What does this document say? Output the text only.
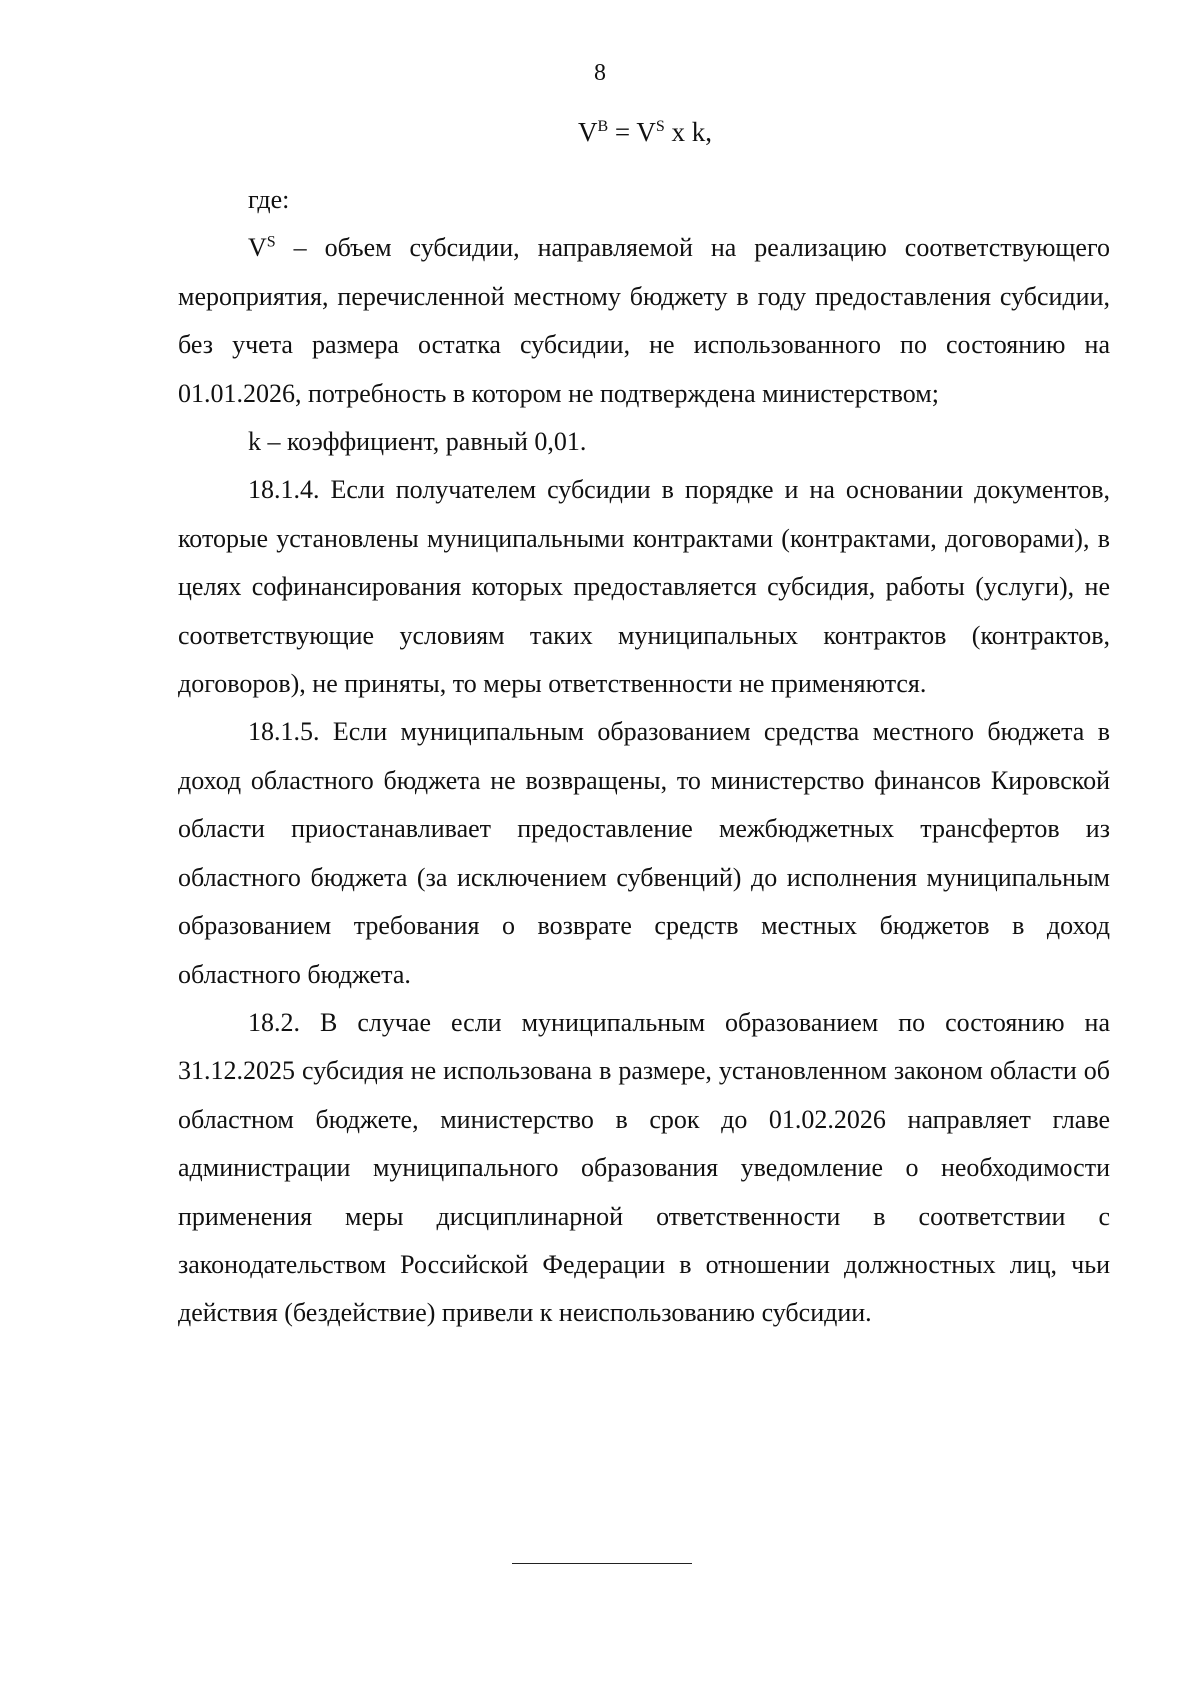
8
$V^B = V^S$ x k,

где:

$V^S$ – объем субсидии, направляемой на реализацию соответствующего мероприятия, перечисленной местному бюджету в году предоставления субсидии, без учета размера остатка субсидии, не использованного по состоянию на 01.01.2026, потребность в котором не подтверждена министерством;

k – коэффициент, равный 0,01.

18.1.4. Если получателем субсидии в порядке и на основании документов, которые установлены муниципальными контрактами (контрактами, договорами), в целях софинансирования которых предоставляется субсидия, работы (услуги), не соответствующие условиям таких муниципальных контрактов (контрактов, договоров), не приняты, то меры ответственности не применяются.

18.1.5. Если муниципальным образованием средства местного бюджета в доход областного бюджета не возвращены, то министерство финансов Кировской области приостанавливает предоставление межбюджетных трансфертов из областного бюджета (за исключением субвенций) до исполнения муниципальным образованием требования о возврате средств местных бюджетов в доход областного бюджета.

18.2. В случае если муниципальным образованием по состоянию на 31.12.2025 субсидия не использована в размере, установленном законом области об областном бюджете, министерство в срок до 01.02.2026 направляет главе администрации муниципального образования уведомление о необходимости применения меры дисциплинарной ответственности в соответствии с законодательством Российской Федерации в отношении должностных лиц, чьи действия (бездействие) привели к неиспользованию субсидии.
